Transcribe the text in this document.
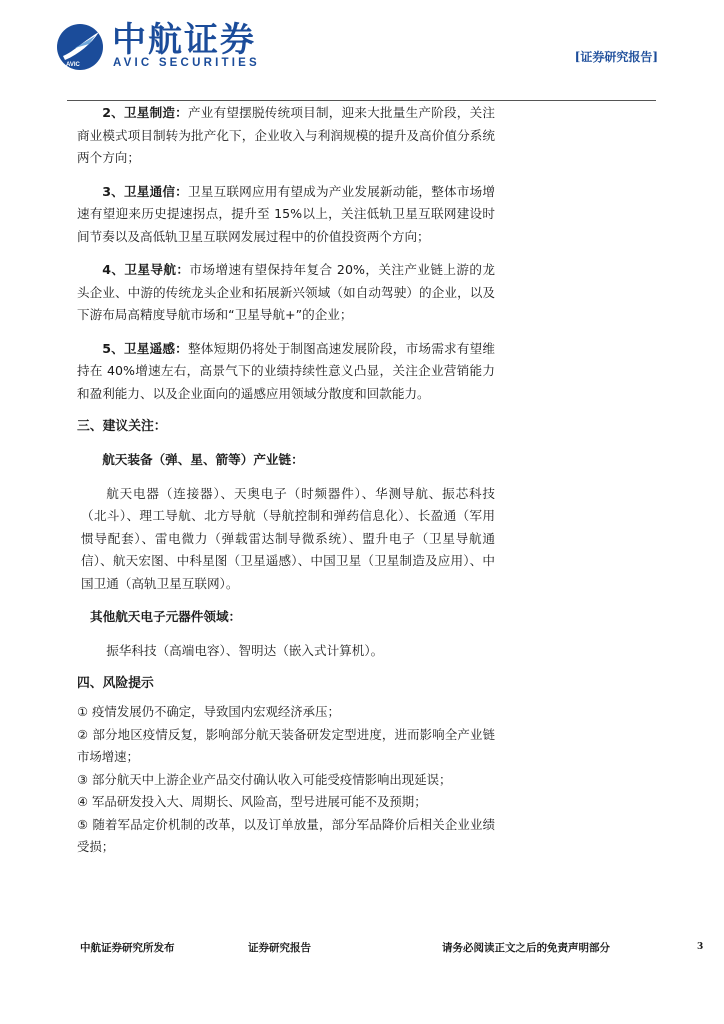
AVIC
中航证券
AVIC SECURITIES	[证券研究报告]

2、卫星制造：产业有望摆脱传统项目制，迎来大批量生产阶段，关注商业模式项目制转为批产化下，企业收入与利润规模的提升及高价值分系统两个方向；

3、卫星通信：卫星互联网应用有望成为产业发展新动能，整体市场增速有望迎来历史提速拐点，提升至 15%以上，关注低轨卫星互联网建设时间节奏以及高低轨卫星互联网发展过程中的价值投资两个方向；

4、卫星导航：市场增速有望保持年复合 20%，关注产业链上游的龙头企业、中游的传统龙头企业和拓展新兴领域（如自动驾驶）的企业，以及下游布局高精度导航市场和“卫星导航+”的企业；

5、卫星遥感：整体短期仍将处于制图高速发展阶段，市场需求有望维持在 40%增速左右，高景气下的业绩持续性意义凸显，关注企业营销能力和盈利能力、以及企业面向的遥感应用领域分散度和回款能力。

三、建议关注：

航天装备（弹、星、箭等）产业链：

航天电器（连接器）、天奥电子（时频器件）、华测导航、振芯科技（北斗）、理工导航、北方导航（导航控制和弹药信息化）、长盈通（军用惯导配套）、雷电微力（弹载雷达制导微系统）、盟升电子（卫星导航通信）、航天宏图、中科星图（卫星遥感）、中国卫星（卫星制造及应用）、中国卫通（高轨卫星互联网）。

其他航天电子元器件领域：

振华科技（高端电容）、智明达（嵌入式计算机）。

四、风险提示

① 疫情发展仍不确定，导致国内宏观经济承压；

② 部分地区疫情反复，影响部分航天装备研发定型进度，进而影响全产业链市场增速；

③ 部分航天中上游企业产品交付确认收入可能受疫情影响出现延误；

④ 军品研发投入大、周期长、风险高，型号进展可能不及预期；

⑤ 随着军品定价机制的改革，以及订单放量，部分军品降价后相关企业业绩受损；

中航证券研究所发布	证券研究报告	请务必阅读正文之后的免责声明部分	3
